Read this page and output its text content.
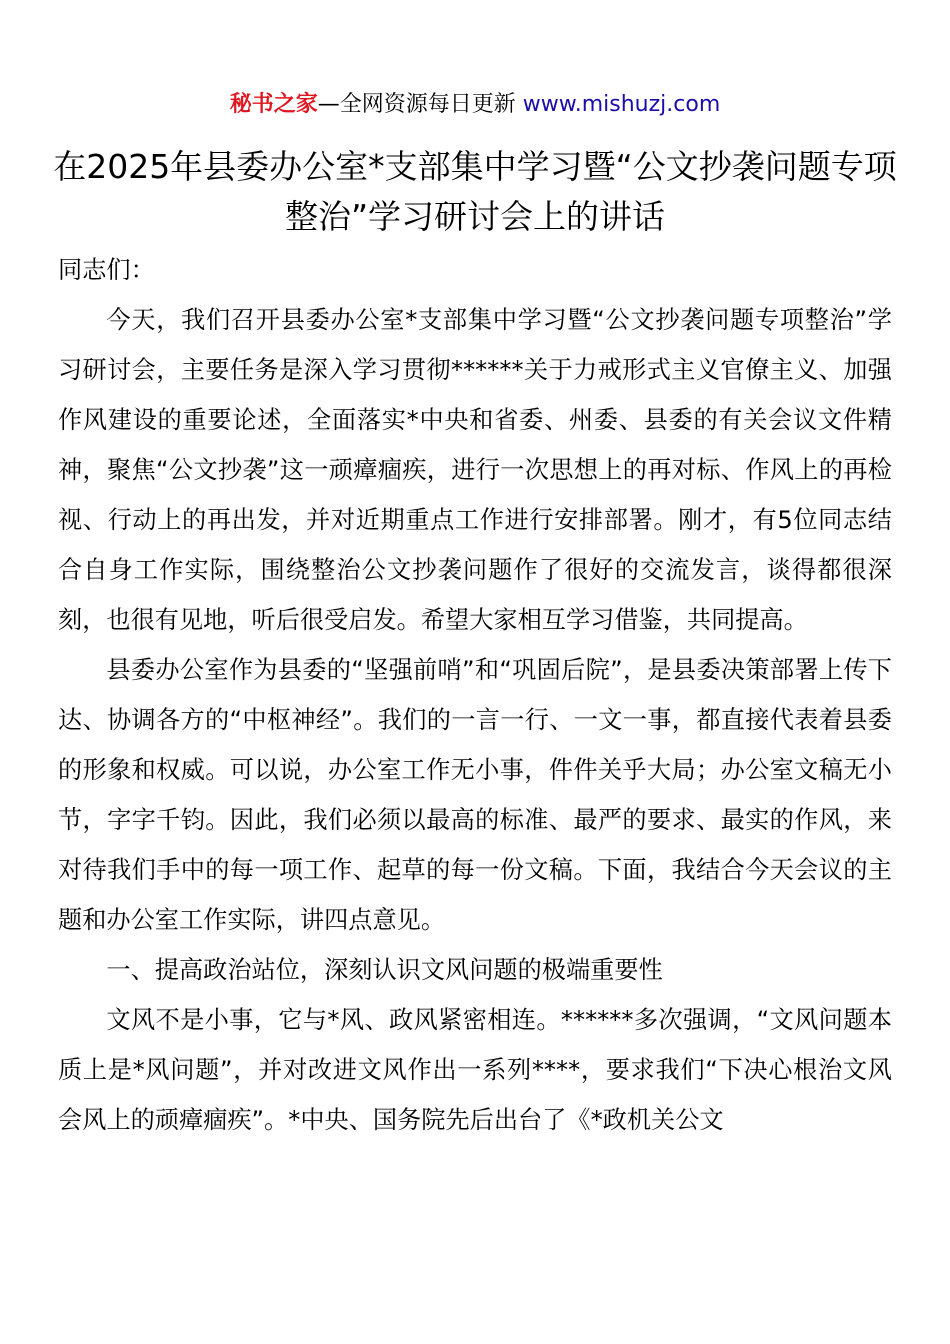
秘书之家—全网资源每日更新 www.mishuzj.com
在2025年县委办公室*支部集中学习暨“公文抄袭问题专项整治”学习研讨会上的讲话

同志们：

今天，我们召开县委办公室*支部集中学习暨“公文抄袭问题专项整治”学习研讨会，主要任务是深入学习贯彻******关于力戒形式主义官僚主义、加强作风建设的重要论述，全面落实*中央和省委、州委、县委的有关会议文件精神，聚焦“公文抄袭”这一顽瘴痼疾，进行一次思想上的再对标、作风上的再检视、行动上的再出发，并对近期重点工作进行安排部署。刚才，有5位同志结合自身工作实际，围绕整治公文抄袭问题作了很好的交流发言，谈得都很深刻，也很有见地，听后很受启发。希望大家相互学习借鉴，共同提高。

县委办公室作为县委的“坚强前哨”和“巩固后院”，是县委决策部署上传下达、协调各方的“中枢神经”。我们的一言一行、一文一事，都直接代表着县委的形象和权威。可以说，办公室工作无小事，件件关乎大局；办公室文稿无小节，字字千钧。因此，我们必须以最高的标准、最严的要求、最实的作风，来对待我们手中的每一项工作、起草的每一份文稿。下面，我结合今天会议的主题和办公室工作实际，讲四点意见。

一、提高政治站位，深刻认识文风问题的极端重要性

文风不是小事，它与*风、政风紧密相连。******多次强调，“文风问题本质上是*风问题”，并对改进文风作出一系列****，要求我们“下决心根治文风会风上的顽瘴痼疾”。*中央、国务院先后出台了《*政机关公文
